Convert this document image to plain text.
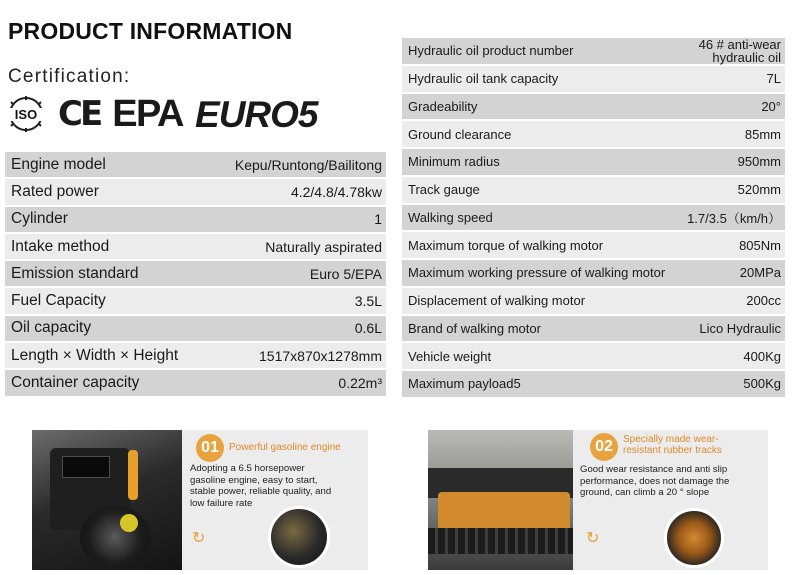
PRODUCT INFORMATION
Certification:
ISO CE EPA EURO5
Engine model	Kepu/Runtong/Bailitong
Rated power	4.2/4.8/4.78kw
Cylinder	1
Intake method	Naturally aspirated
Emission standard	Euro 5/EPA
Fuel Capacity	3.5L
Oil capacity	0.6L
Length × Width × Height	1517x870x1278mm
Container capacity	0.22m³
Hydraulic oil product number	46 # anti-wear
hydraulic oil
Hydraulic oil tank capacity	7L
Gradeability	20°
Ground clearance	85mm
Minimum radius	950mm
Track gauge	520mm
Walking speed	1.7/3.5（km/h）
Maximum torque of walking motor	805Nm
Maximum working pressure of walking motor	20MPa
Displacement of walking motor	200cc
Brand of walking motor	Lico Hydraulic
Vehicle weight	400Kg
Maximum payload5	500Kg
01	Powerful gasoline engine
Adopting a 6.5 horsepower gasoline engine, easy to start, stable power, reliable quality, and low failure rate
↻
02	Specially made wear-resistant rubber tracks
Good wear resistance and anti slip performance, does not damage the ground, can climb a 20 ° slope
↻
